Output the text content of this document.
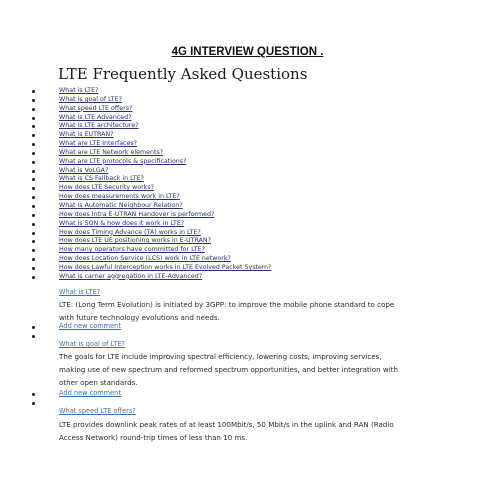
4G INTERVIEW QUESTION .
LTE Frequently Asked Questions
What is LTE?
What is goal of LTE?
What speed LTE offers?
What is LTE Advanced?
What is LTE architecture?
What is EUTRAN?
What are LTE Interfaces?
What are LTE Network elements?
What are LTE protocols & specifications?
What is VoLGA?
What is CS Fallback in LTE?
How does LTE Security works?
How does measurements work in LTE?
What is Automatic Neighbour Relation?
How does Intra E-UTRAN Handover is performed?
What is SON & how does it work in LTE?
How does Timing Advance (TA) works in LTE?
How does LTE UE positioning works in E-UTRAN?
How many operators have committed for LTE?
How does Location Service (LCS) work in LTE network?
How does Lawful Interception works in LTE Evolved Packet System?
What is carrier aggregation in LTE-Advanced?
What is LTE?

LTE: (Long Term Evolution) is initiated by 3GPP: to improve the mobile phone standard to cope
with future technology evolutions and needs.

Add new comment
What is goal of LTE?

The goals for LTE include improving spectral efficiency, lowering costs, improving services,
making use of new spectrum and reformed spectrum opportunities, and better integration with
other open standards.

Add new comment
What speed LTE offers?

LTE provides downlink peak rates of at least 100Mbit/s, 50 Mbit/s in the uplink and RAN (Radio
Access Network) round-trip times of less than 10 ms.
